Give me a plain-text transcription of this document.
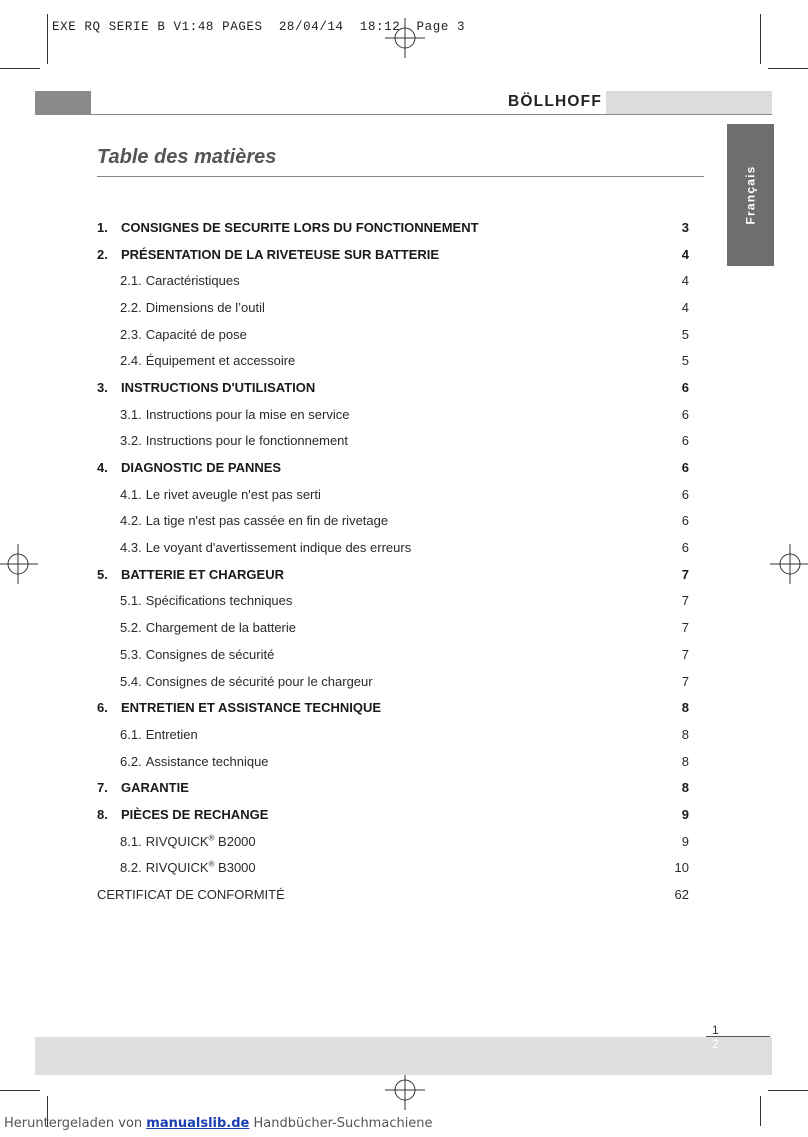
EXE RQ SERIE B V1:48 PAGES  28/04/14  18:12  Page 3
BÖLLHOFF
Français
Table des matières
1.	CONSIGNES DE SECURITE LORS DU FONCTIONNEMENT	3
2.	PRÉSENTATION DE LA RIVETEUSE SUR BATTERIE	4
2.1. Caractéristiques	4
2.2. Dimensions de l’outil	4
2.3. Capacité de pose	5
2.4. Équipement et accessoire	5
3.	INSTRUCTIONS D'UTILISATION	6
3.1. Instructions pour la mise en service	6
3.2. Instructions pour le fonctionnement	6
4.	DIAGNOSTIC DE PANNES	6
4.1. Le rivet aveugle n'est pas serti	6
4.2. La tige n'est pas cassée en fin de rivetage	6
4.3. Le voyant d'avertissement indique des erreurs	6
5.	BATTERIE ET CHARGEUR	7
5.1. Spécifications techniques	7
5.2. Chargement de la batterie	7
5.3. Consignes de sécurité	7
5.4. Consignes de sécurité pour le chargeur	7
6.	ENTRETIEN ET ASSISTANCE TECHNIQUE	8
6.1. Entretien	8
6.2. Assistance technique	8
7.	GARANTIE	8
8.	PIÈCES DE RECHANGE	9
8.1. RIVQUICK® B2000	9
8.2. RIVQUICK® B3000	10
CERTIFICAT DE CONFORMITÉ	62
1
2
Heruntergeladen von manualslib.de Handbücher-Suchmachiene
